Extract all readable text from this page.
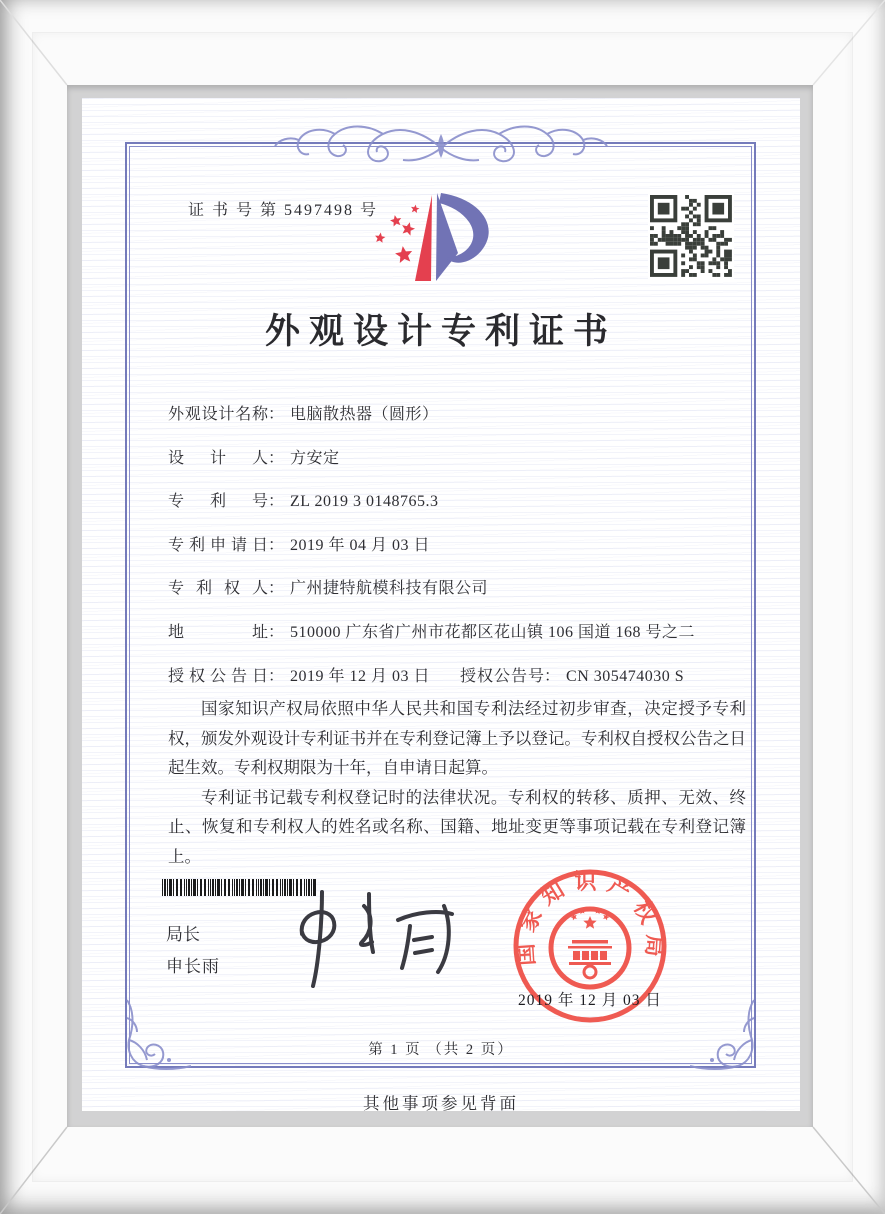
证 书 号 第 5497498 号
外观设计专利证书
外观设计名称： 电脑散热器（圆形）
设计人： 方安定
专利号： ZL 2019 3 0148765.3
专利申请日： 2019 年 04 月 03 日
专利权人： 广州捷特航模科技有限公司
地址： 510000 广东省广州市花都区花山镇 106 国道 168 号之二
授权公告日： 2019 年 12 月 03 日 授权公告号： CN 305474030 S

国家知识产权局依照中华人民共和国专利法经过初步审查，决定授予专利权，颁发外观设计专利证书并在专利登记簿上予以登记。专利权自授权公告之日起生效。专利权期限为十年，自申请日起算。

专利证书记载专利权登记时的法律状况。专利权的转移、质押、无效、终止、恢复和专利权人的姓名或名称、国籍、地址变更等事项记载在专利登记簿上。

局长
申长雨
国家知识产权局
2019 年 12 月 03 日
第 1 页 （共 2 页）
其他事项参见背面
